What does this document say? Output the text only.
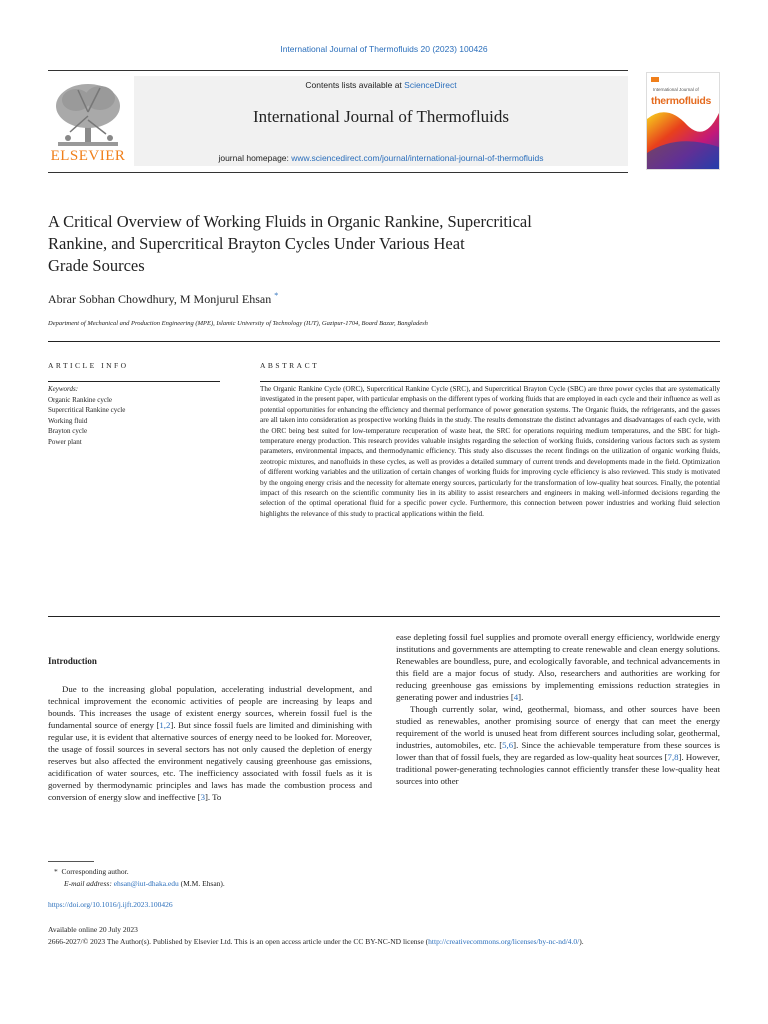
International Journal of Thermofluids 20 (2023) 100426
ELSEVIER
Contents lists available at ScienceDirect
International Journal of Thermofluids
journal homepage: www.sciencedirect.com/journal/international-journal-of-thermofluids
International Journal of
thermofluids
A Critical Overview of Working Fluids in Organic Rankine, Supercritical
Rankine, and Supercritical Brayton Cycles Under Various Heat
Grade Sources
Abrar Sobhan Chowdhury, M Monjurul Ehsan *
Department of Mechanical and Production Engineering (MPE), Islamic University of Technology (IUT), Gazipur-1704, Board Bazar, Bangladesh
ARTICLE INFO	ABSTRACT
Keywords:
Organic Rankine cycle
Supercritical Rankine cycle
Working fluid
Brayton cycle
Power plant
The Organic Rankine Cycle (ORC), Supercritical Rankine Cycle (SRC), and Supercritical Brayton Cycle (SBC) are three power cycles that are systematically investigated in the present paper, with particular emphasis on the different types of working fluids that are employed in each cycle and their influence as well as potential opportunities for enhancing the efficiency and thermal performance of power generation systems. The Organic fluids, the refrigerants, and the gasses are all taken into consideration as prospective working fluids in the study. The results demonstrate the distinct advantages and disadvantages of each cycle, with the ORC being best suited for low-temperature recuperation of waste heat, the SRC for operations requiring medium temperatures, and the SBC for high-temperature energy production. This research provides valuable insights regarding the selection of working fluids, considering various factors such as system parameters, environmental impacts, and thermodynamic efficiency. This study also discusses the recent findings on the utilization of organic working fluids, zeotropic mixtures, and nanofluids in these cycles, as well as provides a detailed summary of current trends and developments made in the field. Optimization of different working variables and the utilization of certain changes of working fluids for improving cycle efficiency is also reviewed. This study is motivated by the ongoing energy crisis and the necessity for alternate energy sources, particularly for the transformation of low-quality heat sources. Finally, the potential impact of this research on the scientific community lies in its ability to assist researchers and engineers in making well-informed decisions regarding the selection of the optimal operational fluid for a specific power cycle. Furthermore, this connection between power industries and working fluid selection highlights the relevance of this study to practical applications within the field.
Introduction

Due to the increasing global population, accelerating industrial development, and technical improvement the economic activities of people are increasing by leaps and bounds. This increases the usage of existent energy sources, wherein fossil fuel is the fundamental source of energy [1,2]. But since fossil fuels are limited and diminishing with regular use, it is evident that alternative sources of energy need to be looked for. Moreover, the usage of fossil sources in several sectors has not only caused the depletion of energy reserves but also affected the environment negatively causing greenhouse gas emissions, acidification of water sources, etc. The inefficiency associated with fossil fuels as it is governed by thermodynamic principles and laws has made the combustion process and conversion of energy slow and ineffective [3]. To

ease depleting fossil fuel supplies and promote overall energy efficiency, worldwide energy institutions and governments are attempting to create renewable and clean energy solutions. Renewables are boundless, pure, and ecologically favorable, and technical advancements in this field are a major focus of study. Also, researchers and authorities are working for reducing greenhouse gas emissions by implementing emissions reduction strategies in generating power and industries [4].

Though currently solar, wind, geothermal, biomass, and other sources have been studied as renewables, another promising source of energy that can meet the energy requirement of the world is unused heat from different sources including solar, geothermal, industries, automobiles, etc. [5,6]. Since the achievable temperature from these sources is lower than that of fossil fuels, they are regarded as low-quality heat sources [7,8]. However, traditional power-generating technologies cannot efficiently transfer these low-quality heat sources into other

* Corresponding author.
E-mail address: ehsan@iut-dhaka.edu (M.M. Ehsan).
https://doi.org/10.1016/j.ijft.2023.100426
Available online 20 July 2023
2666-2027/© 2023 The Author(s). Published by Elsevier Ltd. This is an open access article under the CC BY-NC-ND license (http://creativecommons.org/licenses/by-nc-nd/4.0/).
